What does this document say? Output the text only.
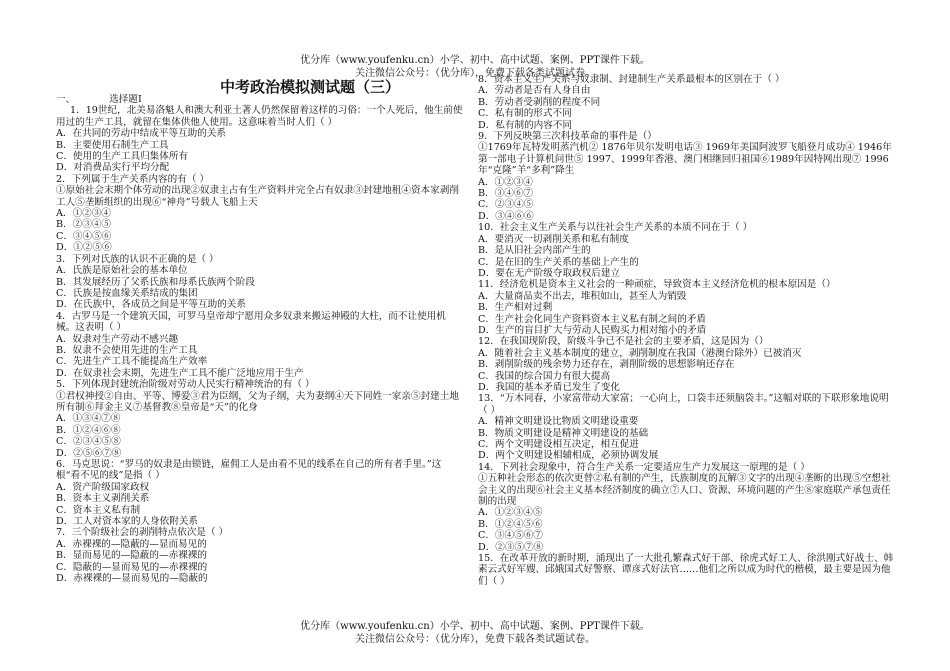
优分库（www.youfenku.cn）小学、初中、高中试题、案例、PPT课件下载。
关注微信公众号：（优分库），免费下载各类试题试卷。
中考政治模拟测试题（三）
一、	选择题Ⅰ
1．19世纪，北美易洛魁人和澳大利亚土著人仍然保留着这样的习俗：一个人死后，他生前使用过的生产工具，就留在集体供他人使用。这意味着当时人们（ ）
A．在共同的劳动中结成平等互助的关系
B．主要使用石制生产工具
C．使用的生产工具归集体所有
D．对消费品实行平均分配
2．下列属于生产关系内容的有（ ）
①原始社会末期个体劳动的出现②奴隶主占有生产资料并完全占有奴隶③封建地租④资本家剥削工人⑤垄断组织的出现⑥“神舟”号载人飞船上天
A．①②③④
B．②③④⑤
C．③④⑤⑥
D．①②⑤⑥
3．下列对氏族的认识不正确的是（ ）
A．氏族是原始社会的基本单位
B．其发展经历了父系氏族和母系氏族两个阶段
C．氏族是按血缘关系结成的集团
D．在氏族中，各成员之间是平等互助的关系
4．古罗马是一个建筑天国，可罗马皇帝却宁愿用众多奴隶来搬运神殿的大柱，而不让使用机械。这表明（ ）
A．奴隶对生产劳动不感兴趣
B．奴隶不会使用先进的生产工具
C．先进生产工具不能提高生产效率
D．在奴隶社会末期，先进生产工具不能广泛地应用于生产
5．下列体现封建统治阶级对劳动人民实行精神统治的有（ ）
①君权神授②自由、平等、博爱③君为臣纲，父为子纲，夫为妻纲④天下同姓一家亲⑤封建土地所有制⑥拜金主义⑦基督教⑧皇帝是“天”的化身
A．①③④⑦⑧
B．①②④⑥⑧
C．②③④⑤⑧
D．②⑤⑥⑦⑧
6．马克思说：“罗马的奴隶是由锁链，雇佣工人是由看不见的线系在自己的所有者手里。”这根“看不见的线”是指（ ）
A．资产阶级国家政权
B．资本主义剥削关系
C．资本主义私有制
D．工人对资本家的人身依附关系
7．三个阶级社会的剥削特点依次是（ ）
A．赤裸裸的—隐蔽的—显而易见的
B．显而易见的—隐蔽的—赤裸裸的
C．隐蔽的—显而易见的—赤裸裸的
D．赤裸裸的—显而易见的—隐蔽的
8．资本主义生产关系与奴隶制、封建制生产关系最根本的区别在于（ ）
A．劳动者是否有人身自由
B．劳动者受剥削的程度不同
C．私有制的形式不同
D．私有制的内容不同
9．下列反映第三次科技革命的事件是（）
①1769年瓦特发明蒸汽机② 1876年贝尔发明电话③ 1969年美国阿波罗飞船登月成功④ 1946年第一部电子计算机问世⑤ 1997、1999年香港、澳门相继回归祖国⑥1989年因特网出现⑦ 1996年“克隆”羊“多利”降生
A．①②③④
B．③④⑥⑦
C．②③④⑤
D．③④⑥⑥
10．社会主义生产关系与以往社会生产关系的本质不同在于（ ）
A．要消灭一切剥削关系和私有制度
B．是从旧社会内部产生的
C．是在旧的生产关系的基础上产生的
D．要在无产阶级夺取政权后建立
11．经济危机是资本主义社会的一种顽症，导致资本主义经济危机的根本原因是（）
A．大量商品卖不出去，堆积如山，甚至人为销毁
B．生产相对过剩
C．生产社会化同生产资料资本主义私有制之间的矛盾
D．生产的盲目扩大与劳动人民购买力相对缩小的矛盾
12．在我国现阶段，阶级斗争已不是社会的主要矛盾，这是因为（）
A．随着社会主义基本制度的建立，剥削制度在我国（港澳台除外）已被消灭
B．剥削阶级的残余势力还存在，剥削阶级的思想影响还存在
C．我国的综合国力有很大提高
D．我国的基本矛盾已发生了变化
13．“万木同春，小家富带动大家富；一心向上，口袋丰还须脑袋丰。”这幅对联的下联形象地说明（ ）
A．精神文明建设比物质文明建设重要
B．物质文明建设是精神文明建设的基础
C．两个文明建设相互决定，相互促进
D．两个文明建设相辅相成，必须协调发展
14．下列社会现象中，符合生产关系一定要适应生产力发展这一原理的是（ ）
①五种社会形态的依次更替②私有制的产生，氏族制度的瓦解③文字的出现④垄断的出现⑤空想社会主义的出现⑥社会主义基本经济制度的确立⑦人口、资源、环境问题的产生⑧家庭联产承包责任制的出现
A．①②③④⑤
B．①②④⑤⑥
C．③④⑤⑥⑦
D．②③⑤⑦⑧
15．在改革开放的新时期，涌现出了一大批孔繁森式好干部、徐虎式好工人、徐洪刚式好战士、韩素云式好军嫂、邱娥国式好警察、谭彦式好法官……他们之所以成为时代的楷模，最主要是因为他们（ ）
优分库（www.youfenku.cn）小学、初中、高中试题、案例、PPT课件下载。
关注微信公众号：（优分库），免费下载各类试题试卷。
